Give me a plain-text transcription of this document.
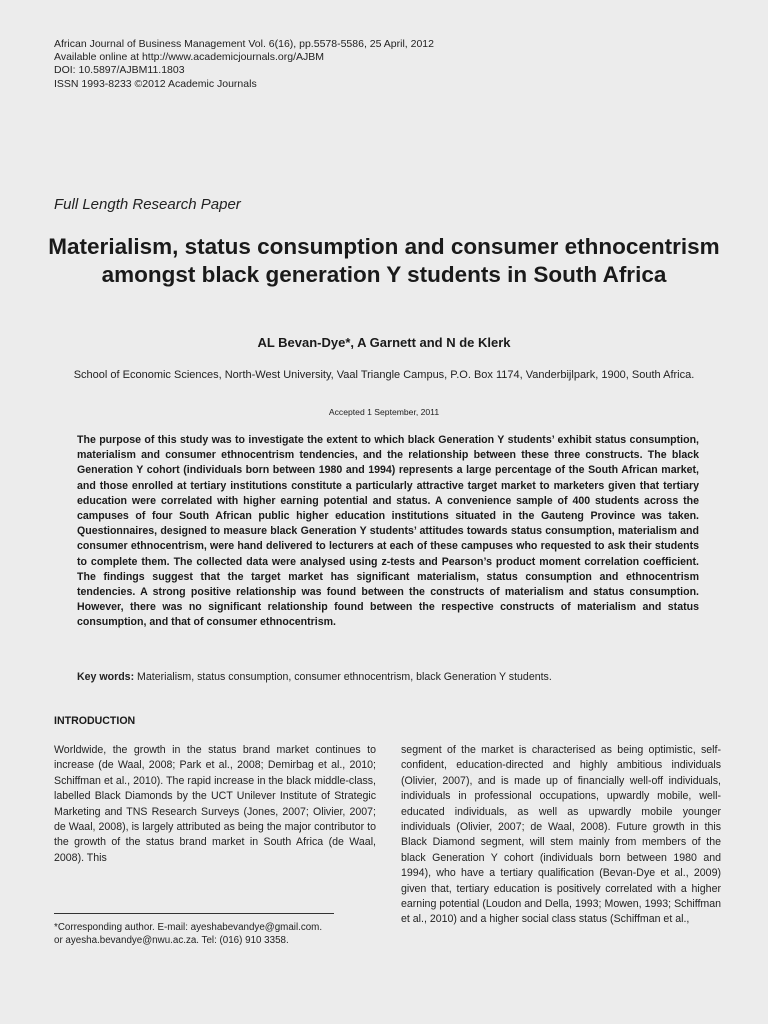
African Journal of Business Management Vol. 6(16), pp.5578-5586, 25 April, 2012
Available online at http://www.academicjournals.org/AJBM
DOI: 10.5897/AJBM11.1803
ISSN 1993-8233 ©2012 Academic Journals
Full Length Research Paper
Materialism, status consumption and consumer ethnocentrism amongst black generation Y students in South Africa
AL Bevan-Dye*, A Garnett and N de Klerk
School of Economic Sciences, North-West University, Vaal Triangle Campus, P.O. Box 1174, Vanderbijlpark, 1900, South Africa.
Accepted 1 September, 2011
The purpose of this study was to investigate the extent to which black Generation Y students’ exhibit status consumption, materialism and consumer ethnocentrism tendencies, and the relationship between these three constructs. The black Generation Y cohort (individuals born between 1980 and 1994) represents a large percentage of the South African market, and those enrolled at tertiary institutions constitute a particularly attractive target market to marketers given that tertiary education were correlated with higher earning potential and status. A convenience sample of 400 students across the campuses of four South African public higher education institutions situated in the Gauteng Province was taken. Questionnaires, designed to measure black Generation Y students’ attitudes towards status consumption, materialism and consumer ethnocentrism, were hand delivered to lecturers at each of these campuses who requested to ask their students to complete them. The collected data were analysed using z-tests and Pearson’s product moment correlation coefficient. The findings suggest that the target market has significant materialism, status consumption and ethnocentrism tendencies. A strong positive relationship was found between the constructs of materialism and status consumption. However, there was no significant relationship found between the respective constructs of materialism and status consumption, and that of consumer ethnocentrism.
Key words: Materialism, status consumption, consumer ethnocentrism, black Generation Y students.
INTRODUCTION
Worldwide, the growth in the status brand market continues to increase (de Waal, 2008; Park et al., 2008; Demirbag et al., 2010; Schiffman et al., 2010). The rapid increase in the black middle-class, labelled Black Diamonds by the UCT Unilever Institute of Strategic Marketing and TNS Research Surveys (Jones, 2007; Olivier, 2007; de Waal, 2008), is largely attributed as being the major contributor to the growth of the status brand market in South Africa (de Waal, 2008). This
segment of the market is characterised as being optimistic, self-confident, education-directed and highly ambitious individuals (Olivier, 2007), and is made up of financially well-off individuals, individuals in professional occupations, upwardly mobile, well-educated individuals, as well as upwardly mobile younger individuals (Olivier, 2007; de Waal, 2008). Future growth in this Black Diamond segment, will stem mainly from members of the black Generation Y cohort (individuals born between 1980 and 1994), who have a tertiary qualification (Bevan-Dye et al., 2009) given that, tertiary education is positively correlated with a higher earning potential (Loudon and Della, 1993; Mowen, 1993; Schiffman et al., 2010) and a higher social class status (Schiffman et al.,
*Corresponding author. E-mail: ayeshabevandye@gmail.com.
or ayesha.bevandye@nwu.ac.za. Tel: (016) 910 3358.
